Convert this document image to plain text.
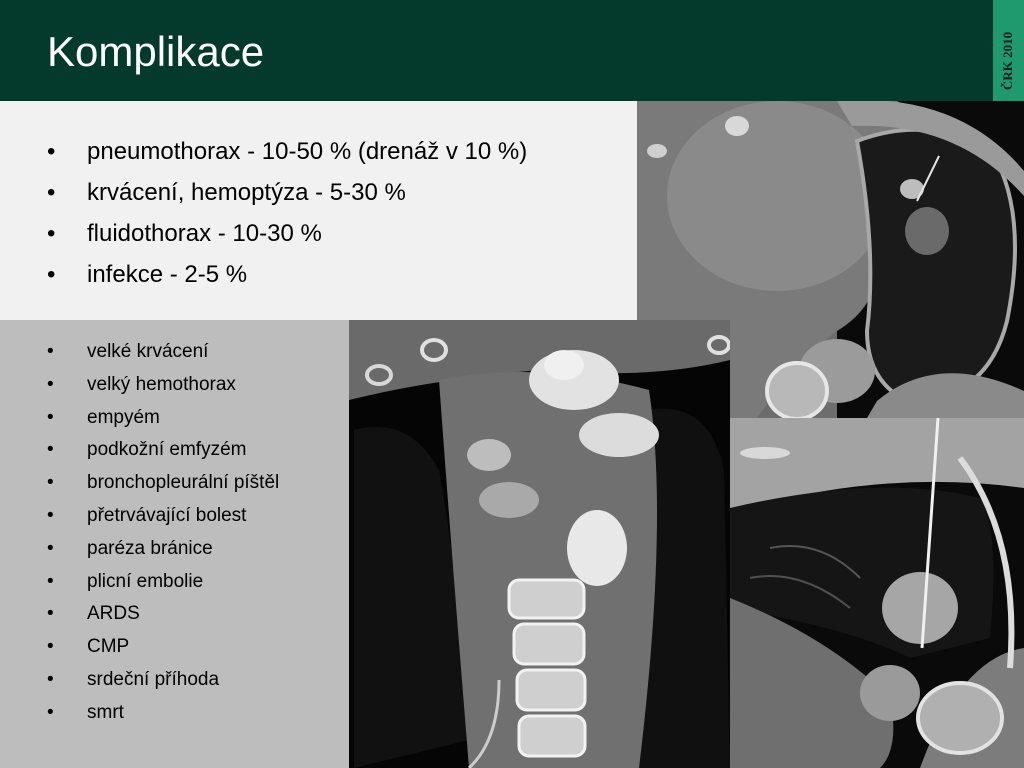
Komplikace	ČRK 2010
• pneumothorax - 10-50 % (drenáž v 10 %)
• krvácení, hemoptýza - 5-30 %
• fluidothorax - 10-30 %
• infekce - 2-5 %
• velké krvácení
• velký hemothorax
• empyém
• podkožní emfyzém
• bronchopleurální píštěl
• přetrvávající bolest
• paréza bránice
• plicní embolie
• ARDS
• CMP
• srdeční příhoda
• smrt
